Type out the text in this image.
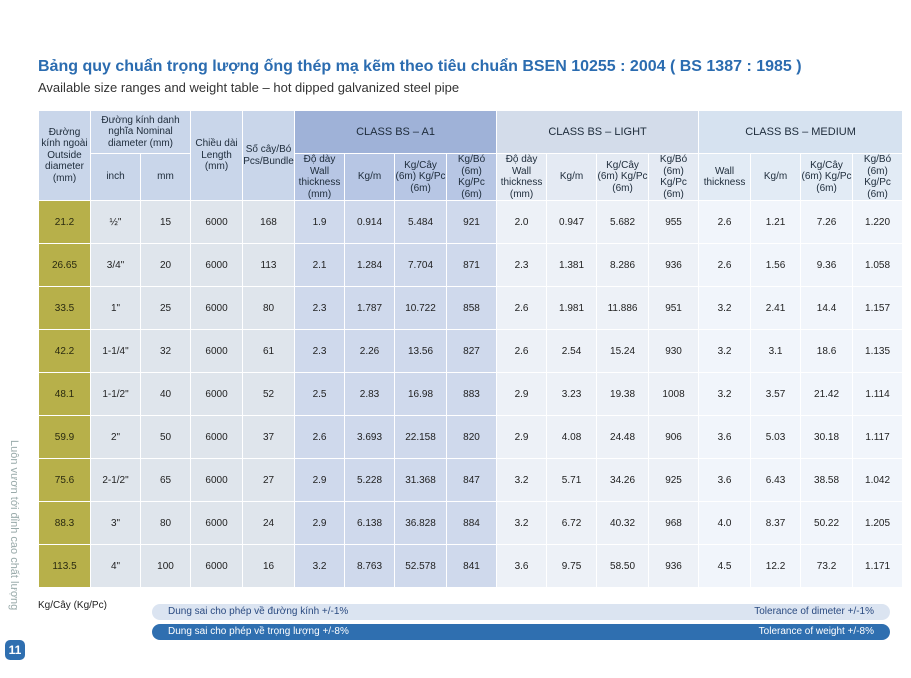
Bảng quy chuẩn trọng lượng ống thép mạ kẽm theo tiêu chuẩn BSEN 10255 : 2004 ( BS 1387 : 1985 )
Available size ranges and weight table – hot dipped galvanized steel pipe
Luôn vươn tới đỉnh cao chất lượng
11
Đường kính ngoài Outside diameter (mm)	Đường kính danh nghĩa Nominal diameter (mm)		Chiều dài Length (mm)	Số cây/Bó Pcs/Bundle	CLASS BS – A1				CLASS BS – LIGHT				CLASS BS – MEDIUM			
	inch	mm			Độ dày Wall thickness (mm)	Kg/m	Kg/Cây (6m) Kg/Pc (6m)	Kg/Bó (6m) Kg/Pc (6m)	Độ dày Wall thickness (mm)	Kg/m	Kg/Cây (6m) Kg/Pc (6m)	Kg/Bó (6m) Kg/Pc (6m)	Wall thickness	Kg/m	Kg/Cây (6m) Kg/Pc (6m)	Kg/Bó (6m) Kg/Pc (6m)
21.2	½"	15	6000	168	1.9	0.914	5.484	921	2.0	0.947	5.682	955	2.6	1.21	7.26	1.220
26.65	3/4"	20	6000	113	2.1	1.284	7.704	871	2.3	1.381	8.286	936	2.6	1.56	9.36	1.058
33.5	1"	25	6000	80	2.3	1.787	10.722	858	2.6	1.981	11.886	951	3.2	2.41	14.4	1.157
42.2	1-1/4"	32	6000	61	2.3	2.26	13.56	827	2.6	2.54	15.24	930	3.2	3.1	18.6	1.135
48.1	1-1/2"	40	6000	52	2.5	2.83	16.98	883	2.9	3.23	19.38	1008	3.2	3.57	21.42	1.114
59.9	2"	50	6000	37	2.6	3.693	22.158	820	2.9	4.08	24.48	906	3.6	5.03	30.18	1.117
75.6	2-1/2"	65	6000	27	2.9	5.228	31.368	847	3.2	5.71	34.26	925	3.6	6.43	38.58	1.042
88.3	3"	80	6000	24	2.9	6.138	36.828	884	3.2	6.72	40.32	968	4.0	8.37	50.22	1.205
113.5	4"	100	6000	16	3.2	8.763	52.578	841	3.6	9.75	58.50	936	4.5	12.2	73.2	1.171
Kg/Cây (Kg/Pc)
Dung sai cho phép về đường kính +/-1%	Tolerance of dimeter +/-1%
Dung sai cho phép về trọng lượng +/-8%	Tolerance of weight +/-8%
